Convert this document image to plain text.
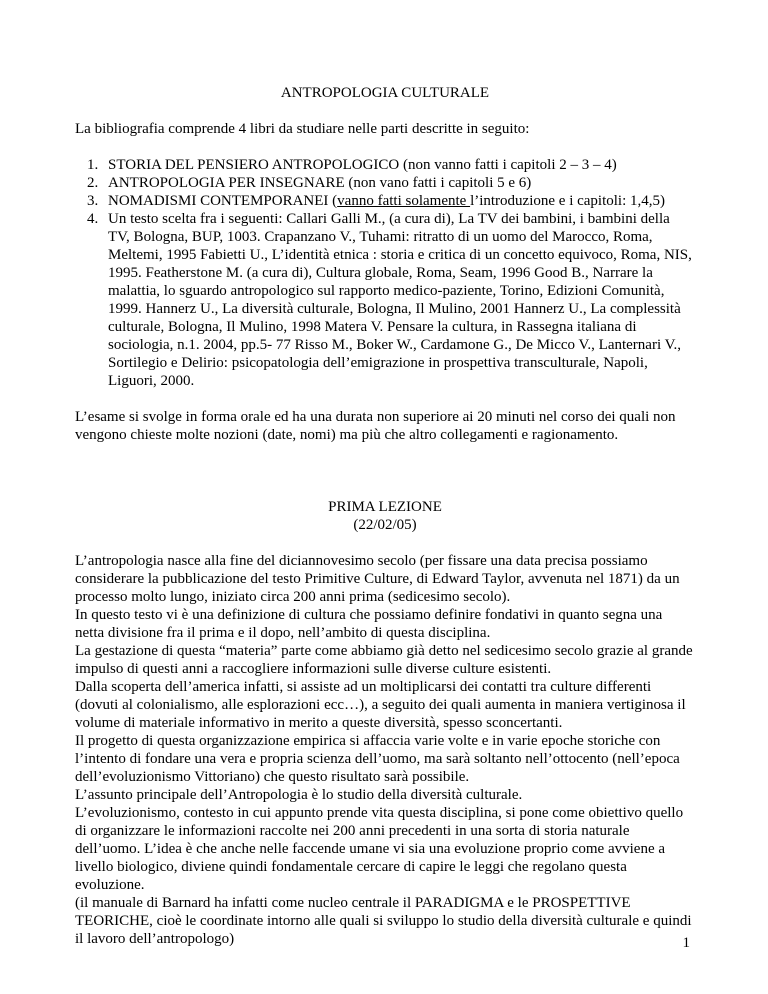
ANTROPOLOGIA CULTURALE

La bibliografia comprende 4 libri da studiare nelle parti descritte in seguito:

1. STORIA DEL PENSIERO ANTROPOLOGICO (non vanno fatti i capitoli 2 – 3 – 4)
2. ANTROPOLOGIA PER INSEGNARE (non vano fatti i capitoli 5 e 6)
3. NOMADISMI CONTEMPORANEI (vanno fatti solamente l’introduzione e i capitoli: 1,4,5)
4. Un testo scelta fra i seguenti: Callari Galli M., (a cura di), La TV dei bambini, i bambini della TV, Bologna, BUP, 1003. Crapanzano V., Tuhami: ritratto di un uomo del Marocco, Roma, Meltemi, 1995 Fabietti U., L’identità etnica : storia e critica di un concetto equivoco, Roma, NIS, 1995. Featherstone M. (a cura di), Cultura globale, Roma, Seam, 1996 Good B., Narrare la malattia, lo sguardo antropologico sul rapporto medico-paziente, Torino, Edizioni Comunità, 1999. Hannerz U., La diversità culturale, Bologna, Il Mulino, 2001 Hannerz U., La complessità culturale, Bologna, Il Mulino, 1998 Matera V. Pensare la cultura, in Rassegna italiana di sociologia, n.1. 2004, pp.5- 77 Risso M., Boker W., Cardamone G., De Micco V., Lanternari V., Sortilegio e Delirio: psicopatologia dell’emigrazione in prospettiva transculturale, Napoli, Liguori, 2000.

L’esame si svolge in forma orale ed ha una durata non superiore ai 20 minuti nel corso dei quali non vengono chieste molte nozioni (date, nomi) ma più che altro collegamenti e ragionamento.

PRIMA LEZIONE

(22/02/05)

L’antropologia nasce alla fine del diciannovesimo secolo (per fissare una data precisa possiamo considerare la pubblicazione del testo Primitive Culture, di Edward Taylor, avvenuta nel 1871) da un processo molto lungo, iniziato circa 200 anni prima (sedicesimo secolo).

In questo testo vi è una definizione di cultura che possiamo definire fondativi in quanto segna una netta divisione fra il prima e il dopo, nell’ambito di questa disciplina.

La gestazione di questa “materia” parte come abbiamo già detto nel sedicesimo secolo grazie al grande impulso di questi anni a raccogliere informazioni sulle diverse culture esistenti.

Dalla scoperta dell’america infatti, si assiste ad un moltiplicarsi dei contatti tra culture differenti (dovuti al colonialismo, alle esplorazioni ecc…), a seguito dei quali aumenta in maniera vertiginosa il volume di materiale informativo in merito a queste diversità, spesso sconcertanti.

Il progetto di questa organizzazione empirica si affaccia varie volte e in varie epoche storiche con l’intento di fondare una vera e propria scienza dell’uomo, ma sarà soltanto nell’ottocento (nell’epoca dell’evoluzionismo Vittoriano) che questo risultato sarà possibile.

L’assunto principale dell’Antropologia è lo studio della diversità culturale.

L’evoluzionismo, contesto in cui appunto prende vita questa disciplina, si pone come obiettivo quello di organizzare le informazioni raccolte nei 200 anni precedenti in una sorta di storia naturale dell’uomo. L’idea è che anche nelle faccende umane vi sia una evoluzione proprio come avviene a livello biologico, diviene quindi fondamentale cercare di capire le leggi che regolano questa evoluzione.

(il manuale di Barnard ha infatti come nucleo centrale il PARADIGMA e le PROSPETTIVE TEORICHE, cioè le coordinate intorno alle quali si sviluppo lo studio della diversità culturale e quindi il lavoro dell’antropologo)	1
